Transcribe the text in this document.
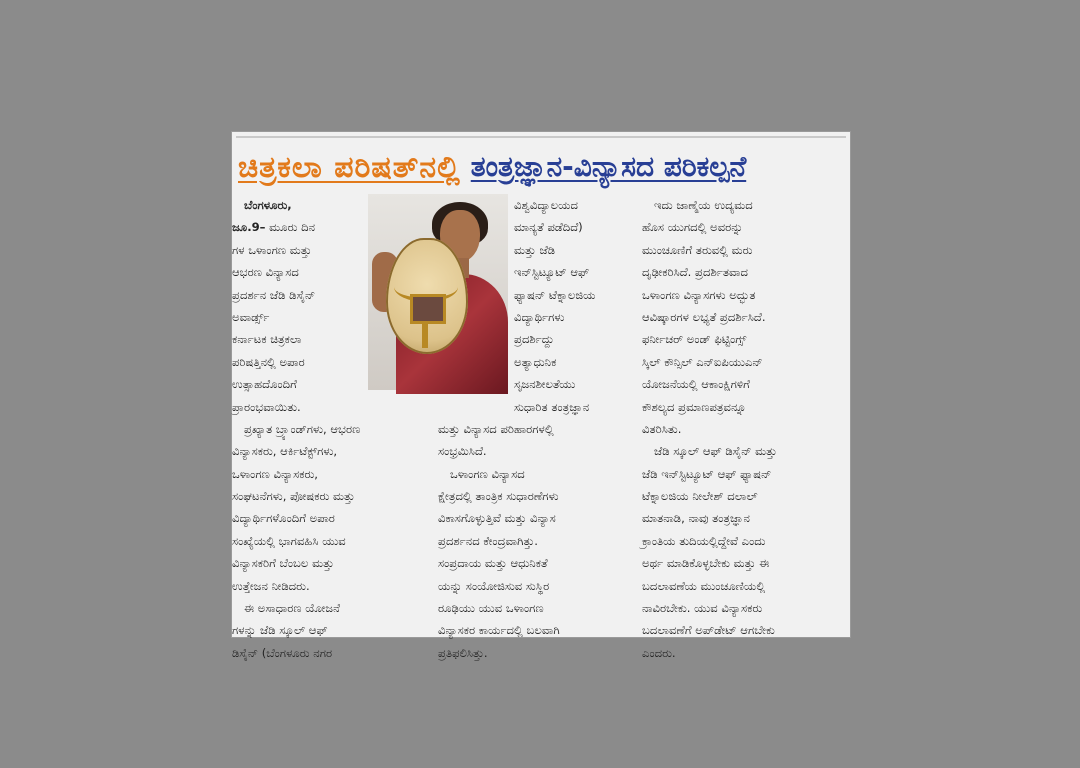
ಚಿತ್ರಕಲಾ ಪರಿಷತ್‌ನಲ್ಲಿ ತಂತ್ರಜ್ಞಾನ-ವಿನ್ಯಾಸದ ಪರಿಕಲ್ಪನೆ
ಬೆಂಗಳೂರು,
ಜೂ.9– ಮೂರು ದಿನ
ಗಳ ಒಳಾಂಗಣ ಮತ್ತು
ಆಭರಣ ವಿನ್ಯಾಸದ
ಪ್ರದರ್ಶನ ಜೆಡಿ ಡಿಸೈನ್
ಅವಾರ್ಡ್ಸ್
ಕರ್ನಾಟಕ ಚಿತ್ರಕಲಾ
ಪರಿಷತ್ತಿನಲ್ಲಿ ಅಪಾರ
ಉತ್ಸಾಹದೊಂದಿಗೆ
ಪ್ರಾರಂಭವಾಯಿತು.
ಪ್ರಖ್ಯಾತ ಬ್ರ್ಯಾಂಡ್‌ಗಳು, ಆಭರಣ
ವಿನ್ಯಾಸಕರು, ಆರ್ಕಿಟೆಕ್ಟ್‌ಗಳು,
ಒಳಾಂಗಣ ವಿನ್ಯಾಸಕರು,
ಸಂಘಟನೆಗಳು, ಪೋಷಕರು ಮತ್ತು
ವಿದ್ಯಾರ್ಥಿಗಳೊಂದಿಗೆ ಅಪಾರ
ಸಂಖ್ಯೆಯಲ್ಲಿ ಭಾಗವಹಿಸಿ ಯುವ
ವಿನ್ಯಾಸಕರಿಗೆ ಬೆಂಬಲ ಮತ್ತು
ಉತ್ತೇಜನ ನೀಡಿದರು.
ಈ ಅಸಾಧಾರಣ ಯೋಜನೆ
ಗಳನ್ನು ಜೆಡಿ ಸ್ಕೂಲ್ ಆಫ್
ಡಿಸೈನ್ (ಬೆಂಗಳೂರು ನಗರ
ವಿಶ್ವವಿದ್ಯಾಲಯದ
ಮಾನ್ಯತೆ ಪಡೆದಿದೆ)
ಮತ್ತು ಜೆಡಿ
ಇನ್‌ಸ್ಟಿಟ್ಯೂಟ್ ಆಫ್
ಫ್ಯಾಷನ್ ಟೆಕ್ನಾಲಜಿಯ
ವಿದ್ಯಾರ್ಥಿಗಳು
ಪ್ರದರ್ಶಿದ್ದು
ಅತ್ಯಾಧುನಿಕ
ಸೃಜನಶೀಲತೆಯು
ಸುಧಾರಿತ ತಂತ್ರಜ್ಞಾನ
ಮತ್ತು ವಿನ್ಯಾಸದ ಪರಿಹಾರಗಳಲ್ಲಿ
ಸಂಭ್ರಮಿಸಿದೆ.
ಒಳಾಂಗಣ ವಿನ್ಯಾಸದ
ಕ್ಷೇತ್ರದಲ್ಲಿ ತಾಂತ್ರಿಕ ಸುಧಾರಣೆಗಳು
ವಿಕಾಸಗೊಳ್ಳುತ್ತಿವೆ ಮತ್ತು ವಿನ್ಯಾಸ
ಪ್ರದರ್ಶನದ ಕೇಂದ್ರವಾಗಿತ್ತು.
ಸಂಪ್ರದಾಯ ಮತ್ತು ಆಧುನಿಕತೆ
ಯನ್ನು ಸಂಯೋಜಿಸುವ ಸುಸ್ಥಿರ
ರೂಢಿಯು ಯುವ ಒಳಾಂಗಣ
ವಿನ್ಯಾಸಕರ ಕಾರ್ಯದಲ್ಲಿ ಬಲವಾಗಿ
ಪ್ರತಿಫಲಿಸಿತ್ತು.
ಇದು ಜಾಣ್ಮೆಯ ಉದ್ಯಮದ
ಹೊಸ ಯುಗದಲ್ಲಿ ಅವರನ್ನು
ಮುಂಚೂಣಿಗೆ ತರುವಲ್ಲಿ ಮರು
ದೃಢೀಕರಿಸಿದೆ. ಪ್ರದರ್ಶಿತವಾದ
ಒಳಾಂಗಣ ವಿನ್ಯಾಸಗಳು ಅದ್ಭುತ
ಆವಿಷ್ಕಾರಗಳ ಲಭ್ಯತೆ ಪ್ರದರ್ಶಿಸಿದೆ.
ಫರ್ನೀಚರ್ ಅಂಡ್ ಫಿಟ್ಟಿಂಗ್ಸ್
ಸ್ಕಿಲ್ ಕೌನ್ಸಿಲ್ ಎನ್‌ಐಪಿಯುಎನ್
ಯೋಜನೆಯಲ್ಲಿ ಆಕಾಂಕ್ಷಿಗಳಿಗೆ
ಕೌಶಲ್ಯದ ಪ್ರಮಾಣಪತ್ರವನ್ನೂ
ವಿತರಿಸಿತು.
ಜೆಡಿ ಸ್ಕೂಲ್ ಆಫ್ ಡಿಸೈನ್ ಮತ್ತು
ಜೆಡಿ ಇನ್‌ಸ್ಟಿಟ್ಯೂಟ್ ಆಫ್ ಫ್ಯಾಷನ್
ಟೆಕ್ನಾಲಜಿಯ ನೀಲೇಶ್ ದಲಾಲ್
ಮಾತನಾಡಿ, ನಾವು ತಂತ್ರಜ್ಞಾನ
ಕ್ರಾಂತಿಯ ತುದಿಯಲ್ಲಿದ್ದೇವೆ ಎಂದು
ಅರ್ಥ ಮಾಡಿಕೊಳ್ಳಬೇಕು ಮತ್ತು ಈ
ಬದಲಾವಣೆಯ ಮುಂಚೂಣಿಯಲ್ಲಿ
ನಾವಿರಬೇಕು. ಯುವ ವಿನ್ಯಾಸಕರು
ಬದಲಾವಣೆಗೆ ಅಪ್‌ಡೇಟ್ ಆಗಬೇಕು
ಎಂದರು.
